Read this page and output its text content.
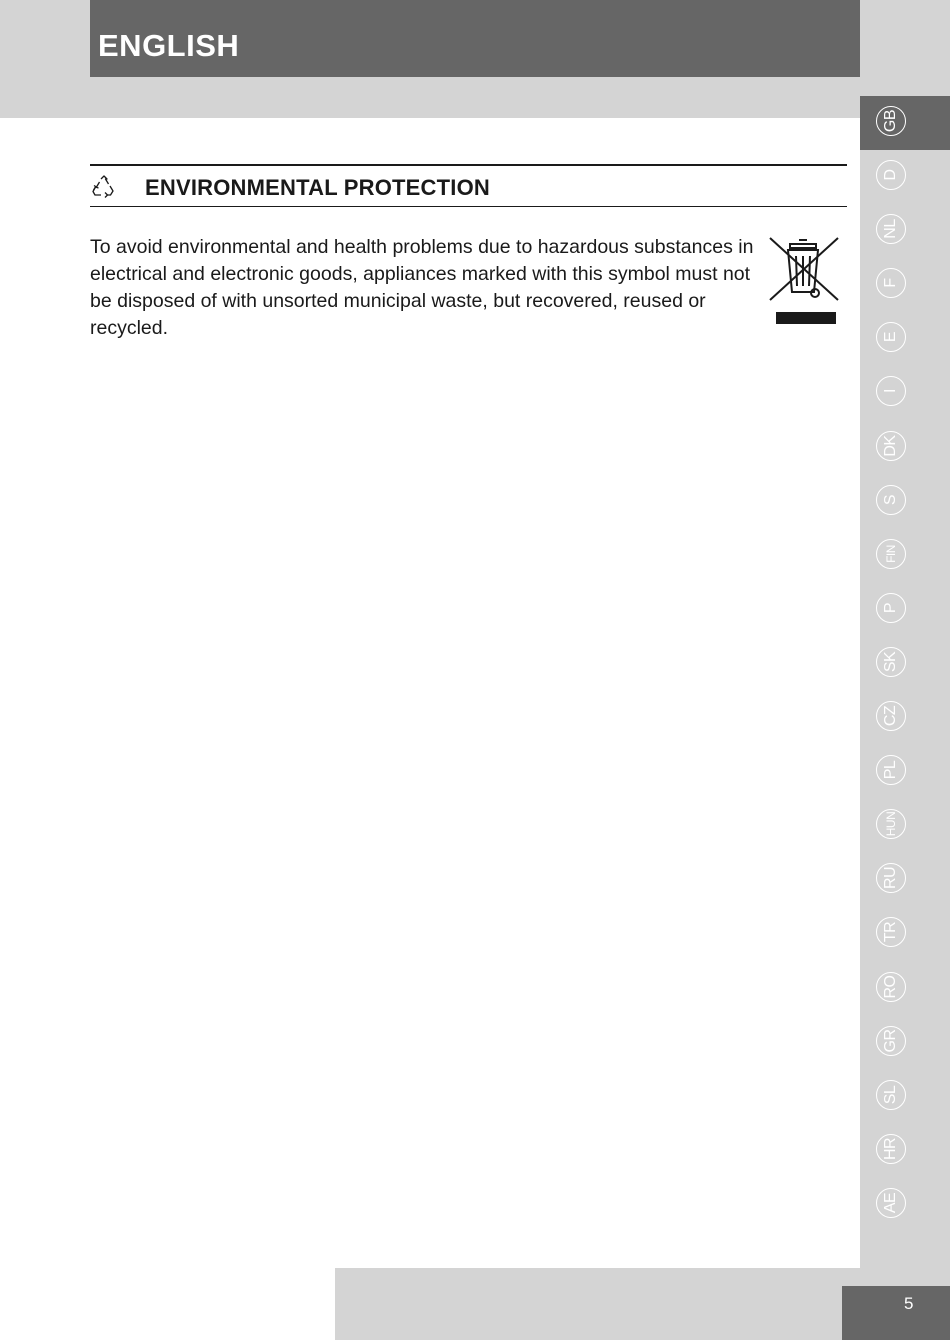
ENGLISH
ENVIRONMENTAL PROTECTION
To avoid environmental and health problems due to hazardous substances in electrical and electronic goods, appliances marked with this symbol must not be disposed of with unsorted municipal waste, but recovered, reused or recycled.
GB
D
NL
F
E
I
DK
S
FIN
P
SK
CZ
PL
HUN
RU
TR
RO
GR
SL
HR
AE
5
